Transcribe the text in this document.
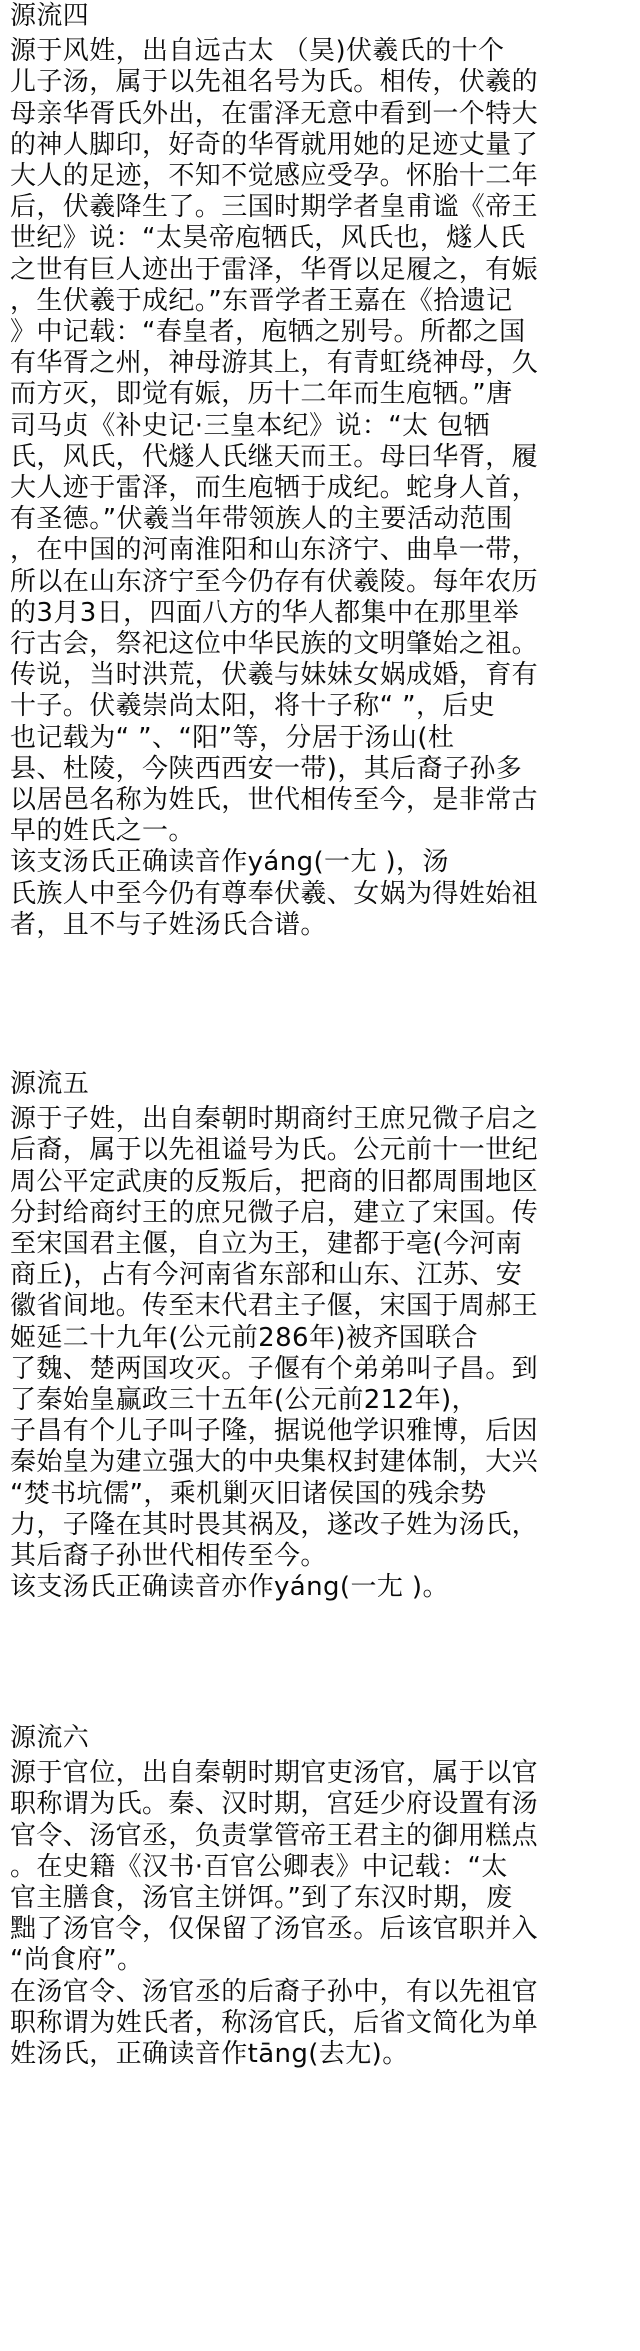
源流四
源于风姓，出自远古太 （昊)伏羲氏的十个
儿子汤，属于以先祖名号为氏。相传，伏羲的
母亲华胥氏外出，在雷泽无意中看到一个特大
的神人脚印，好奇的华胥就用她的足迹丈量了
大人的足迹，不知不觉感应受孕。怀胎十二年
后，伏羲降生了。三国时期学者皇甫谧《帝王
世纪》说：“太昊帝庖牺氏，风氏也，燧人氏
之世有巨人迹出于雷泽，华胥以足履之，有娠
，生伏羲于成纪。”东晋学者王嘉在《拾遗记
》中记载：“春皇者，庖牺之别号。所都之国
有华胥之州，神母游其上，有青虹绕神母，久
而方灭，即觉有娠，历十二年而生庖牺。”唐
司马贞《补史记·三皇本纪》说：“太 包牺
氏，风氏，代燧人氏继天而王。母曰华胥，履
大人迹于雷泽，而生庖牺于成纪。蛇身人首，
有圣德。”伏羲当年带领族人的主要活动范围
，在中国的河南淮阳和山东济宁、曲阜一带，
所以在山东济宁至今仍存有伏羲陵。每年农历
的3月3日，四面八方的华人都集中在那里举
行古会，祭祀这位中华民族的文明肇始之祖。
传说，当时洪荒，伏羲与妹妹女娲成婚，育有
十子。伏羲崇尚太阳，将十子称“ ”，后史
也记载为“ ”、“阳”等，分居于汤山(杜
县、杜陵，今陕西西安一带)，其后裔子孙多
以居邑名称为姓氏，世代相传至今，是非常古
早的姓氏之一。
该支汤氏正确读音作yáng(一尢 )，汤
氏族人中至今仍有尊奉伏羲、女娲为得姓始祖
者，且不与子姓汤氏合谱。
源流五
源于子姓，出自秦朝时期商纣王庶兄微子启之
后裔，属于以先祖谥号为氏。公元前十一世纪
周公平定武庚的反叛后，把商的旧都周围地区
分封给商纣王的庶兄微子启，建立了宋国。传
至宋国君主偃，自立为王，建都于亳(今河南
商丘)，占有今河南省东部和山东、江苏、安
徽省间地。传至末代君主子偃，宋国于周郝王
姬延二十九年(公元前286年)被齐国联合
了魏、楚两国攻灭。子偃有个弟弟叫子昌。到
了秦始皇赢政三十五年(公元前212年)，
子昌有个儿子叫子隆，据说他学识雅博，后因
秦始皇为建立强大的中央集权封建体制，大兴
“焚书坑儒”，乘机剿灭旧诸侯国的残余势
力，子隆在其时畏其祸及，遂改子姓为汤氏，
其后裔子孙世代相传至今。
该支汤氏正确读音亦作yáng(一尢 )。
源流六
源于官位，出自秦朝时期官吏汤官，属于以官
职称谓为氏。秦、汉时期，宫廷少府设置有汤
官令、汤官丞，负责掌管帝王君主的御用糕点
。在史籍《汉书·百官公卿表》中记载：“太
官主膳食，汤官主饼饵。”到了东汉时期，废
黜了汤官令，仅保留了汤官丞。后该官职并入
“尚食府”。
在汤官令、汤官丞的后裔子孙中，有以先祖官
职称谓为姓氏者，称汤官氏，后省文简化为单
姓汤氏，正确读音作tāng(去尢)。
